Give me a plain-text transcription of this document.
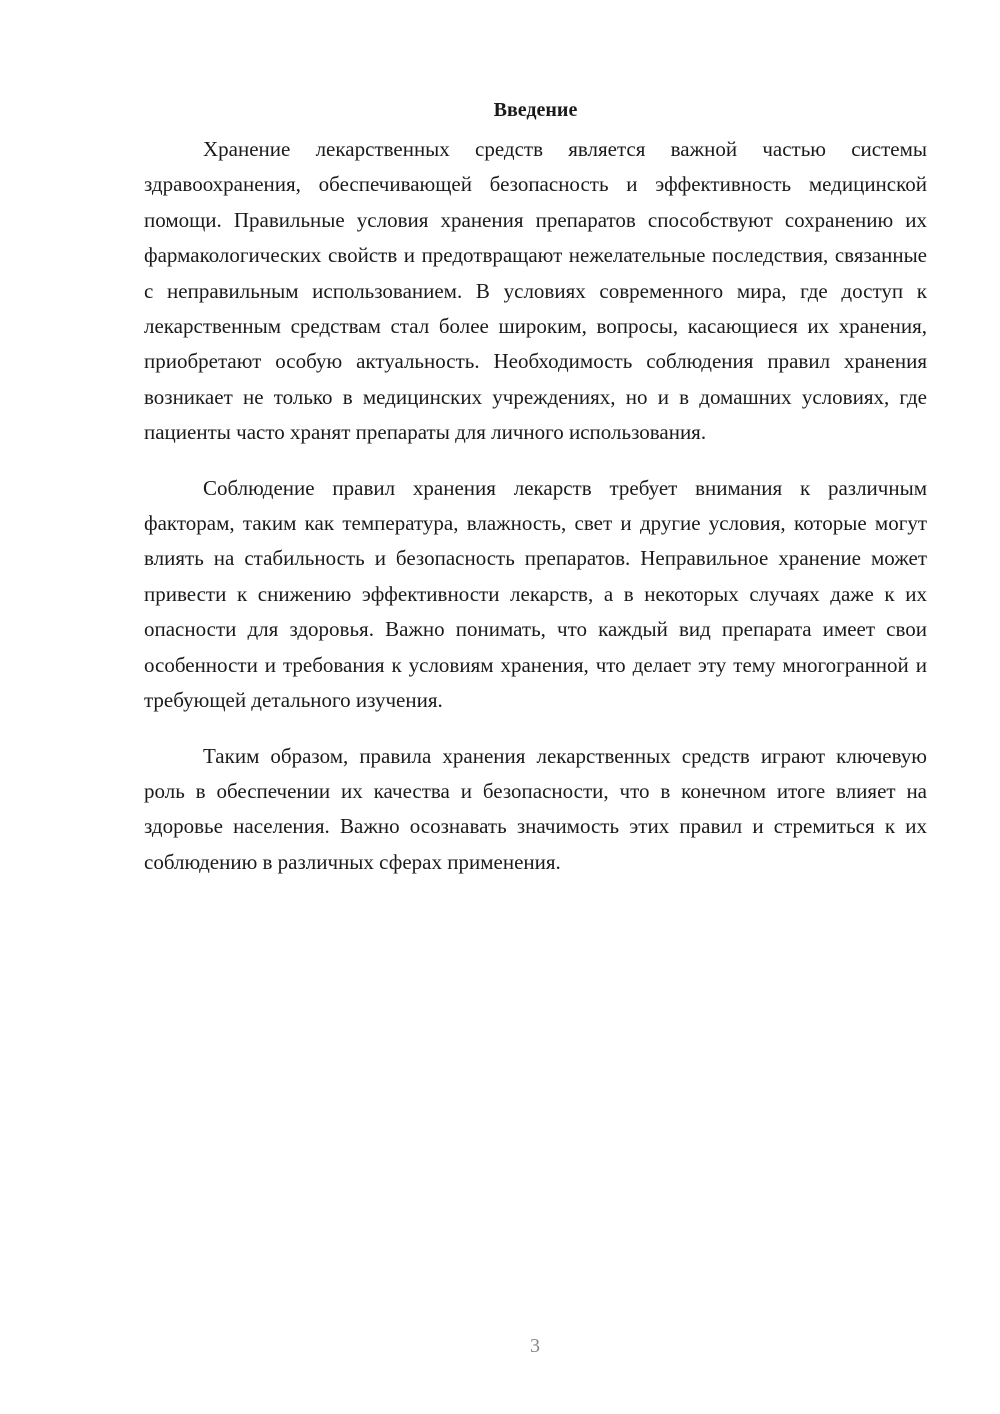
Введение

Хранение лекарственных средств является важной частью системы здравоохранения, обеспечивающей безопасность и эффективность медицинской помощи. Правильные условия хранения препаратов способствуют сохранению их фармакологических свойств и предотвращают нежелательные последствия, связанные с неправильным использованием. В условиях современного мира, где доступ к лекарственным средствам стал более широким, вопросы, касающиеся их хранения, приобретают особую актуальность. Необходимость соблюдения правил хранения возникает не только в медицинских учреждениях, но и в домашних условиях, где пациенты часто хранят препараты для личного использования.

Соблюдение правил хранения лекарств требует внимания к различным факторам, таким как температура, влажность, свет и другие условия, которые могут влиять на стабильность и безопасность препаратов. Неправильное хранение может привести к снижению эффективности лекарств, а в некоторых случаях даже к их опасности для здоровья. Важно понимать, что каждый вид препарата имеет свои особенности и требования к условиям хранения, что делает эту тему многогранной и требующей детального изучения.

Таким образом, правила хранения лекарственных средств играют ключевую роль в обеспечении их качества и безопасности, что в конечном итоге влияет на здоровье населения. Важно осознавать значимость этих правил и стремиться к их соблюдению в различных сферах применения.

3
